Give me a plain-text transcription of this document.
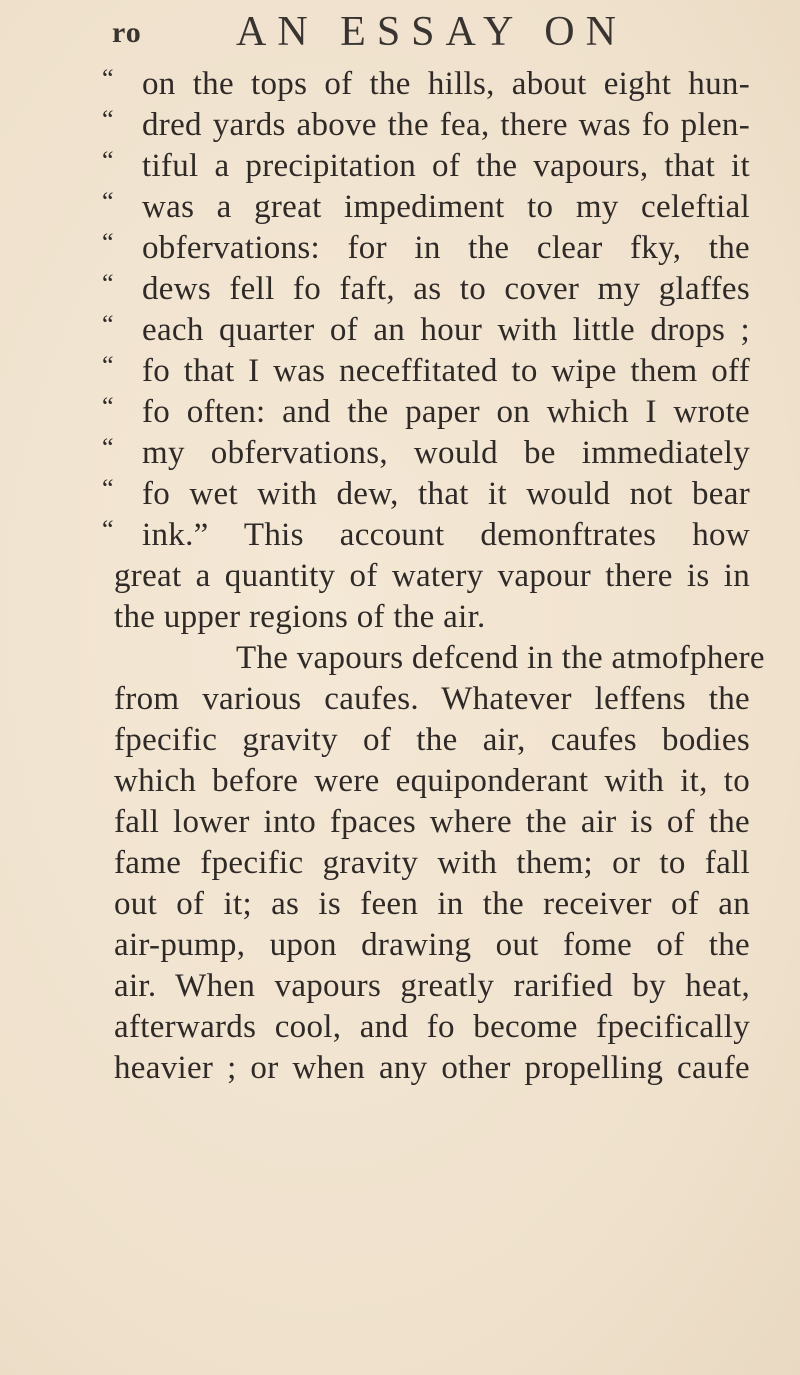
ro AN ESSAY ON
“ on the tops of the hills, about eight hun-
“ dred yards above the fea, there was fo plen-
“ tiful a precipitation of the vapours, that it
“ was a great impediment to my celeftial
“ obfervations: for in the clear fky, the
“ dews fell fo faft, as to cover my glaffes
“ each quarter of an hour with little drops ;
“ fo that I was neceffitated to wipe them off
“ fo often: and the paper on which I wrote
“ my obfervations, would be immediately
“ fo wet with dew, that it would not bear
“ ink.” This account demonftrates how
great a quantity of watery vapour there is in
the upper regions of the air.
The vapours defcend in the atmofphere
from various caufes. Whatever leffens the
fpecific gravity of the air, caufes bodies
which before were equiponderant with it, to
fall lower into fpaces where the air is of the
fame fpecific gravity with them; or to fall
out of it; as is feen in the receiver of an
air-pump, upon drawing out fome of the
air. When vapours greatly rarified by heat,
afterwards cool, and fo become fpecifically
heavier ; or when any other propelling caufe
